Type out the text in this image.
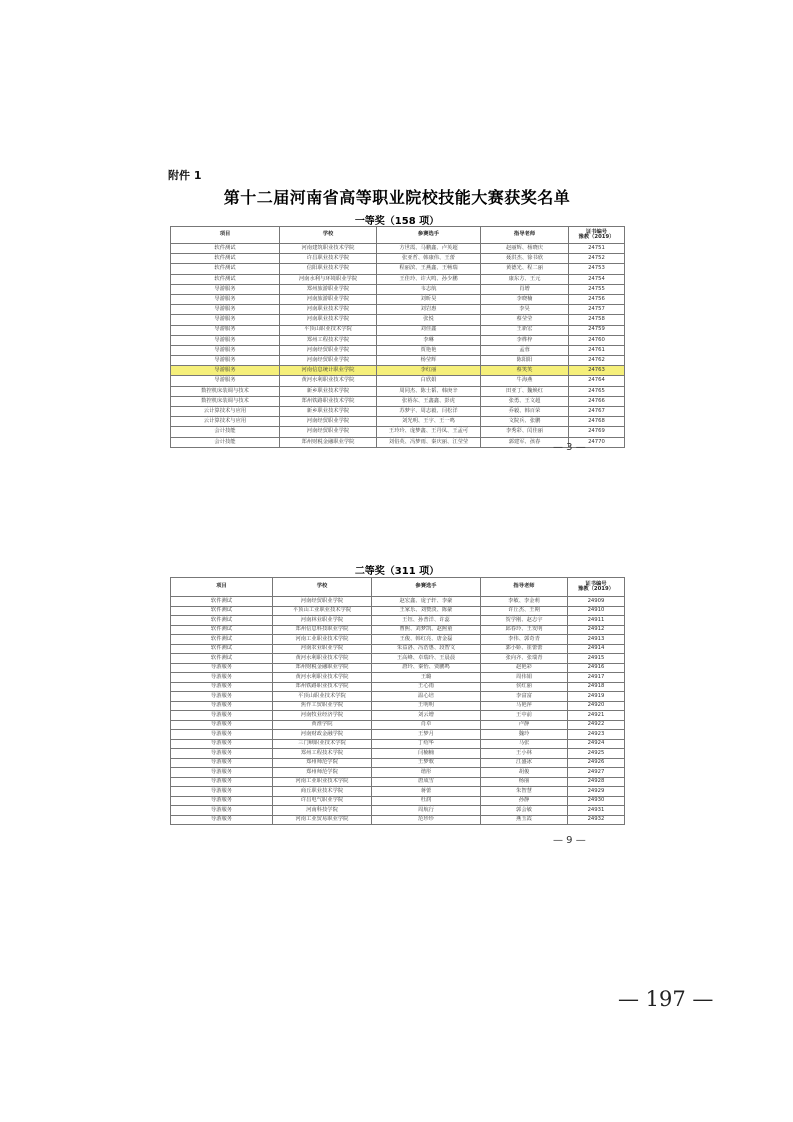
附件 1
第十二届河南省高等职业院校技能大赛获奖名单
一等奖（158 项）
项目	学校	参赛选手	指导老师	证书编号
豫教（2019）
软件测试	河南建筑职业技术学院	方世霞、马鹏鑫、卢英超	赵丽辉、杨晓庆	24751
软件测试	许昌职业技术学院	张亚哲、韩康伟、王蕾	聂洪杰、徐书欣	24752
软件测试	信阳职业技术学院	程丽滨、王燕鑫、王畅瑞	黄德光、程二丽	24753
软件测试	河南水利与环境职业学院	王佳玲、许大鸣、孙少鹏	康东方、王元	24754
导游服务	郑州旅游职业学院	韦志航	肖增	24755
导游服务	河南旅游职业学院	刘昕昊	李晓楠	24756
导游服务	河南职业技术学院	刘岩惠	李昊	24757
导游服务	河南职业技术学院	张悦	蔡莹莹	24758
导游服务	平顶山职业技术学院	刘佳鑫	王新宏	24759
导游服务	郑州工程技术学院	李琳	李桦梓	24760
导游服务	河南经贸职业学院	贾艳艳	孟蓉	24761
导游服务	河南经贸职业学院	杨莹辉	陈阳阳	24762
导游服务	河南信息统计职业学院	李红丽	蔡笑笑	24763
导游服务	黄河水利职业技术学院	白欣娟	牛海燕	24764
数控机床装调与技术	新乡职业技术学院	周同杰、陈士韬、韩庚辛	田亚丁、魏焕红	24765
数控机床装调与技术	郑州铁路职业技术学院	张裕东、王鑫鑫、彭虎	张勇、王文超	24766
云计算技术与应用	新乡职业技术学院	苏梦宇、周志毅、闫松洋	乔毅、韩百荣	24767
云计算技术与应用	河南经贸职业学院	刘光明、王宇、王一鸣	文院兵、张鹏	24768
会计技能	河南经贸职业学院	王玲玲、庞梦鑫、王丹凤、王孟可	李秀彩、闰佳丽	24769
会计技能	郑州财税金融职业学院	刘俗英、冯梦雨、秦庆丽、江莹莹	郭建军、孩春	24770
— 3 —
二等奖（311 项）
项目	学校	参赛选手	指导老师	证书编号
豫教（2019）
软件测试	河南经贸职业学院	赵宏鑫、庞子轩、李豪	李敏、李金莉	24909
软件测试	平顶山工业职业技术学院	王家乐、刘赞淡、陈豪	许丘杰、王期	24910
软件测试	河南林业职业学院	王钰、孙普洋、许蕊	贺学刚、赵志宇	24911
软件测试	郑州信息科技职业学院	曹熙、刘梦凯、赵熙童	邱春玲、王发明	24912
软件测试	河南工业职业技术学院	王俊、韩红亮、唐金磊	李伟、郭奇青	24913
软件测试	河南农业职业学院	朱益洛、冯浩惠、段智文	郭小娇、崔蕾蕾	24914
软件测试	黄河水利职业技术学院	王高峰、卓瑞玲、王晨晨	张向齐、张瑞青	24915
导游服务	郑州财税金融职业学院	唐玲、秦怡、贾鹏鸣	赵艳彩	24916
导游服务	黄河水利职业技术学院	王璐	周伟娟	24917
导游服务	郑州铁路职业技术学院	王心雨	侯红丽	24918
导游服务	平顶山职业技术学院	温心培	李富富	24919
导游服务	焦作工贸职业学院	王明明	马艳萍	24920
导游服务	河南牧业经济学院	刘云增	王中前	24921
导游服务	黄淮学院	肖卓	卢静	24922
导游服务	河南财政金融学院	王梦月	魏玲	24923
导游服务	三门峡职业技术学院	丁绍华	马张	24924
导游服务	郑州工程技术学院	闫楠楠	王小林	24925
导游服务	郑州师范学院	王梦歌	江盛冰	24926
导游服务	郑州师范学院	谐彤	胡俊	24927
导游服务	河南工业职业技术学院	唐成雪	杨丽	24928
导游服务	商丘职业技术学院	蒋蕾	朱智慧	24929
导游服务	许昌电气职业学院	杜润	孙静	24930
导游服务	河南科技学院	周航行	郭会敏	24931
导游服务	河南工业贸易职业学院	范珍珍	燕玉霞	24932
— 9 —
— 197 —
